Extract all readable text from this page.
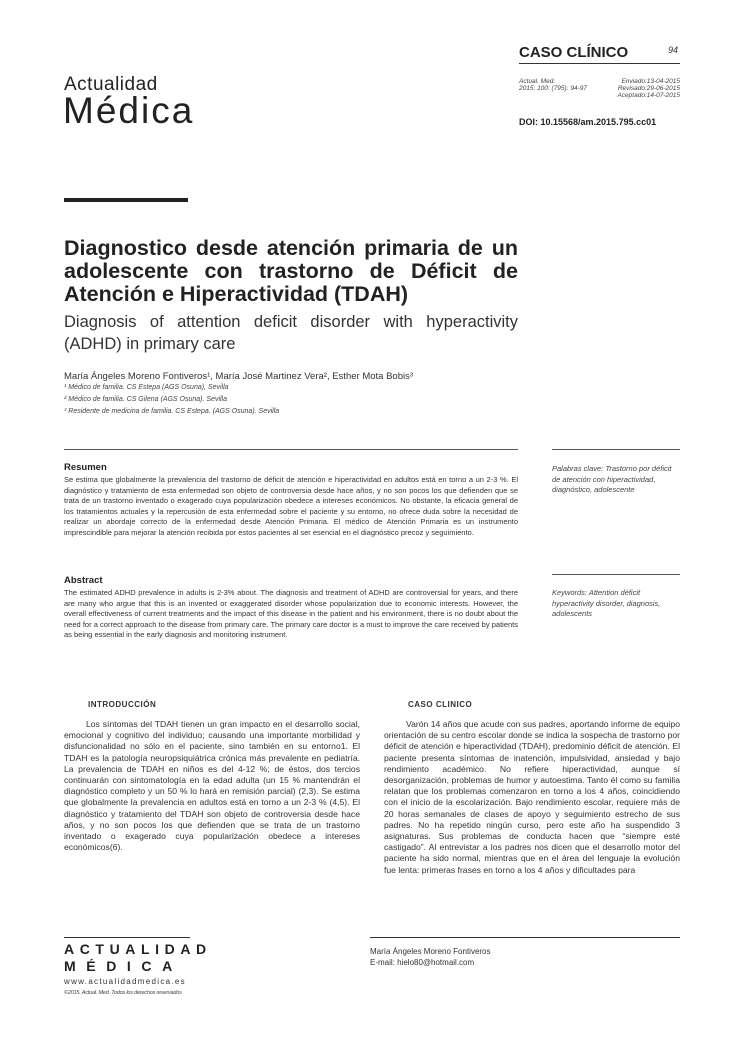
Actualidad
Médica
CASO CLÍNICO	94
Actual. Med.
2015; 100: (795): 94-97
Enviado:13-04-2015
Revisado:29-06-2015
Aceptado:14-07-2015
DOI: 10.15568/am.2015.795.cc01
Diagnostico desde atención primaria de un adolescente con trastorno de Déficit de Atención e Hiperactividad (TDAH)
Diagnosis of attention deficit disorder with hyperactivity (ADHD) in primary care
María Ángeles Moreno Fontiveros¹, María José Martinez Vera², Esther Mota Bobis³
¹ Médico de familia. CS Estepa (AGS Osuna), Sevilla
² Médico de familia. CS Gilena (AGS Osuna). Sevilla
³ Residente de medicina de familia. CS Estepa. (AGS Osuna). Sevilla
Resumen
Se estima que globalmente la prevalencia del trastorno de déficit de atención e hiperactividad en adultos está en torno a un 2-3 %. El diagnóstico y tratamiento de esta enfermedad son objeto de controversia desde hace años, y no son pocos los que defienden que se trata de un trastorno inventado o exagerado cuya popularización obedece a intereses económicos. No obstante, la eficacia general de los tratamientos actuales y la repercusión de esta enfermedad sobre el paciente y su entorno, no ofrece duda sobre la necesidad de realizar un abordaje correcto de la enfermedad desde Atención Primaria. El médico de Atención Primaria es un instrumento imprescindible para mejorar la atención recibida por estos pacientes al ser esencial en el diagnóstico precoz y seguimiento.
Palabras clave: Trastorno por déficit de atención con hiperactividad, diagnóstico, adolescente
Abstract
The estimated ADHD prevalence in adults is 2-3% about. The diagnosis and treatment of ADHD are controversial for years, and there are many who argue that this is an invented or exaggerated disorder whose popularization due to economic interests. However, the overall effectiveness of current treatments and the impact of this disease in the patient and his environment, there is no doubt about the need for a correct approach to the disease from primary care. The primary care doctor is a must to improve the care received by patients as being essential in the early diagnosis and monitoring instrument.
Keywords: Attention déficit hyperactivity disorder, diagnosis, adolescents
INTRODUCCIÓN
Los síntomas del TDAH tienen un gran impacto en el desarrollo social, emocional y cognitivo del individuo; causando una importante morbilidad y disfuncionalidad no sólo en el paciente, sino también en su entorno1. El TDAH es la patología neuropsiquiátrica crónica más prevalente en pediatría. La prevalencia de TDAH en niños es del 4-12 %; de éstos, dos tercios continuarán con sintomatología en la edad adulta (un 15 % mantendrán el diagnóstico completo y un 50 % lo hará en remisión parcial) (2,3). Se estima que globalmente la prevalencia en adultos está en torno a un 2-3 % (4,5). El diagnóstico y tratamiento del TDAH son objeto de controversia desde hace años, y no son pocos los que defienden que se trata de un trastorno inventado o exagerado cuya popularización obedece a intereses económicos(6).
CASO CLINICO
Varón 14 años que acude con sus padres, aportando informe de equipo orientación de su centro escolar donde se indica la sospecha de trastorno por déficit de atención e hiperactividad (TDAH), predominio déficit de atención. El paciente presenta síntomas de inatención, impulsividad, ansiedad y bajo rendimiento académico. No refiere hiperactividad, aunque sí desorganización, problemas de humor y autoestima. Tanto él como su familia relatan que los problemas comenzaron en torno a los 4 años, coincidiendo con el inicio de la escolarización. Bajo rendimiento escolar, requiere más de 20 horas semanales de clases de apoyo y seguimiento estrecho de sus padres. No ha repetido ningún curso, pero este año ha suspendido 3 asignaturas. Sus problemas de conducta hacen que “siempre esté castigado”. Al entrevistar a los padres nos dicen que el desarrollo motor del paciente ha sido normal, mientras que en el área del lenguaje la evolución fue lenta: primeras frases en torno a los 4 años y dificultades para
ACTUALIDAD
MÉDICA
www.actualidadmedica.es
©2015. Actual. Med. Todos los derechos reservados
María Ángeles Moreno Fontiveros
E-mail: hielo80@hotmail.com
